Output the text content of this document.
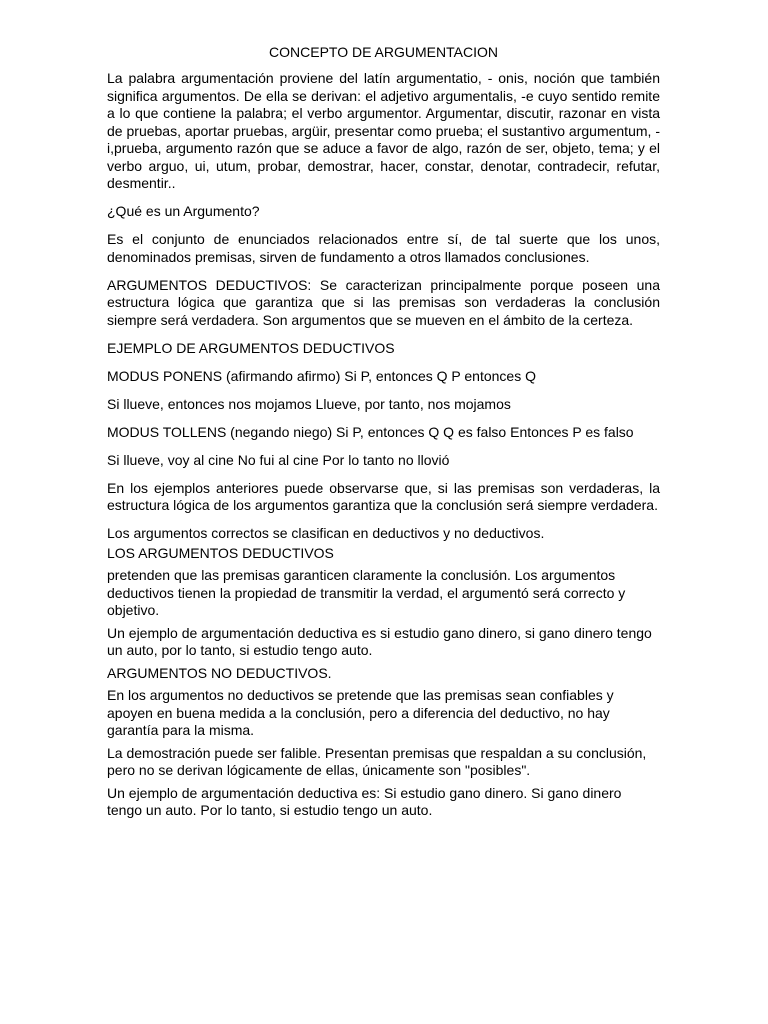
CONCEPTO DE ARGUMENTACION

La palabra argumentación proviene del latín argumentatio, - onis, noción que también significa argumentos. De ella se derivan: el adjetivo argumentalis, -e cuyo sentido remite a lo que contiene la palabra; el verbo argumentor. Argumentar, discutir, razonar en vista de pruebas, aportar pruebas, argüir, presentar como prueba; el sustantivo argumentum, -i,prueba, argumento razón que se aduce a favor de algo, razón de ser, objeto, tema; y el verbo arguo, ui, utum, probar, demostrar, hacer, constar, denotar, contradecir, refutar, desmentir..

¿Qué es un Argumento?

Es el conjunto de enunciados relacionados entre sí, de tal suerte que los unos, denominados premisas, sirven de fundamento a otros llamados conclusiones.

ARGUMENTOS DEDUCTIVOS: Se caracterizan principalmente porque poseen una estructura lógica que garantiza que si las premisas son verdaderas la conclusión siempre será verdadera. Son argumentos que se mueven en el ámbito de la certeza.

EJEMPLO DE ARGUMENTOS DEDUCTIVOS

MODUS PONENS (afirmando afirmo) Si P, entonces Q P entonces Q

Si llueve, entonces nos mojamos Llueve, por tanto, nos mojamos

MODUS TOLLENS (negando niego) Si P, entonces Q Q es falso Entonces P es falso

Si llueve, voy al cine No fui al cine Por lo tanto no llovió

En los ejemplos anteriores puede observarse que, si las premisas son verdaderas, la estructura lógica de los argumentos garantiza que la conclusión será siempre verdadera.

Los argumentos correctos se clasifican en deductivos y no deductivos.

LOS ARGUMENTOS DEDUCTIVOS

pretenden que las premisas garanticen claramente la conclusión. Los argumentos deductivos tienen la propiedad de transmitir la verdad, el argumentó será correcto y objetivo.

Un ejemplo de argumentación deductiva es si estudio gano dinero, si gano dinero tengo un auto, por lo tanto, si estudio tengo auto.

ARGUMENTOS NO DEDUCTIVOS.

En los argumentos no deductivos se pretende que las premisas sean confiables y apoyen en buena medida a la conclusión, pero a diferencia del deductivo, no hay garantía para la misma.

La demostración puede ser falible. Presentan premisas que respaldan a su conclusión, pero no se derivan lógicamente de ellas, únicamente son "posibles".

Un ejemplo de argumentación deductiva es: Si estudio gano dinero. Si gano dinero tengo un auto. Por lo tanto, si estudio tengo un auto.
